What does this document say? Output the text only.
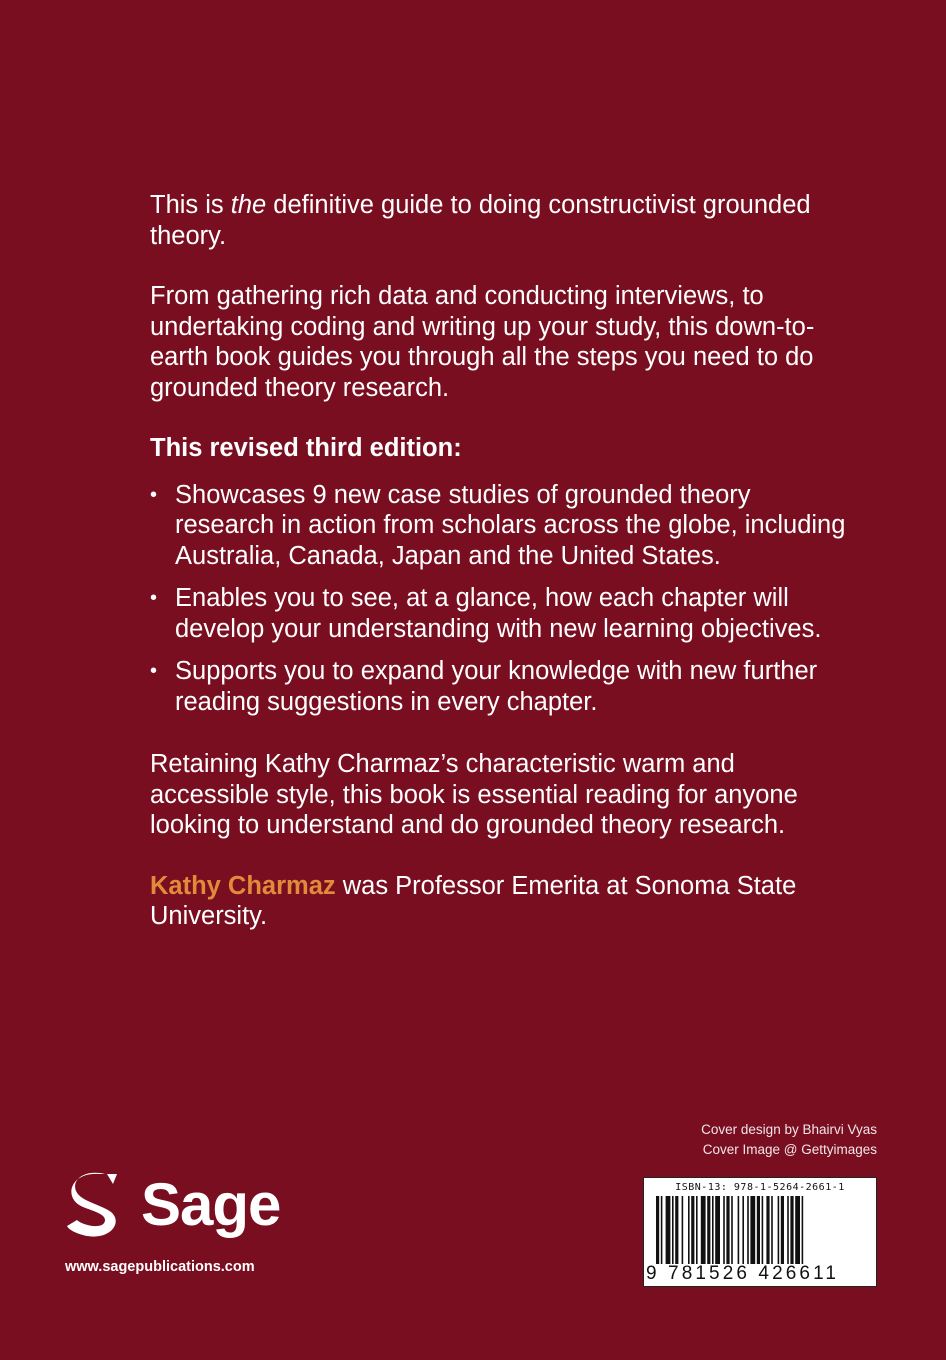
This is the definitive guide to doing constructivist grounded theory.

From gathering rich data and conducting interviews, to undertaking coding and writing up your study, this down-to-earth book guides you through all the steps you need to do grounded theory research.

This revised third edition:

• Showcases 9 new case studies of grounded theory research in action from scholars across the globe, including Australia, Canada, Japan and the United States.
• Enables you to see, at a glance, how each chapter will develop your understanding with new learning objectives.
• Supports you to expand your knowledge with new further reading suggestions in every chapter.

Retaining Kathy Charmaz’s characteristic warm and accessible style, this book is essential reading for anyone looking to understand and do grounded theory research.

Kathy Charmaz was Professor Emerita at Sonoma State University.

Cover design by Bhairvi Vyas
Cover Image @ Gettyimages
Sage
www.sagepublications.com
ISBN-13: 978-1-5264-2661-1
9 781526 426611
